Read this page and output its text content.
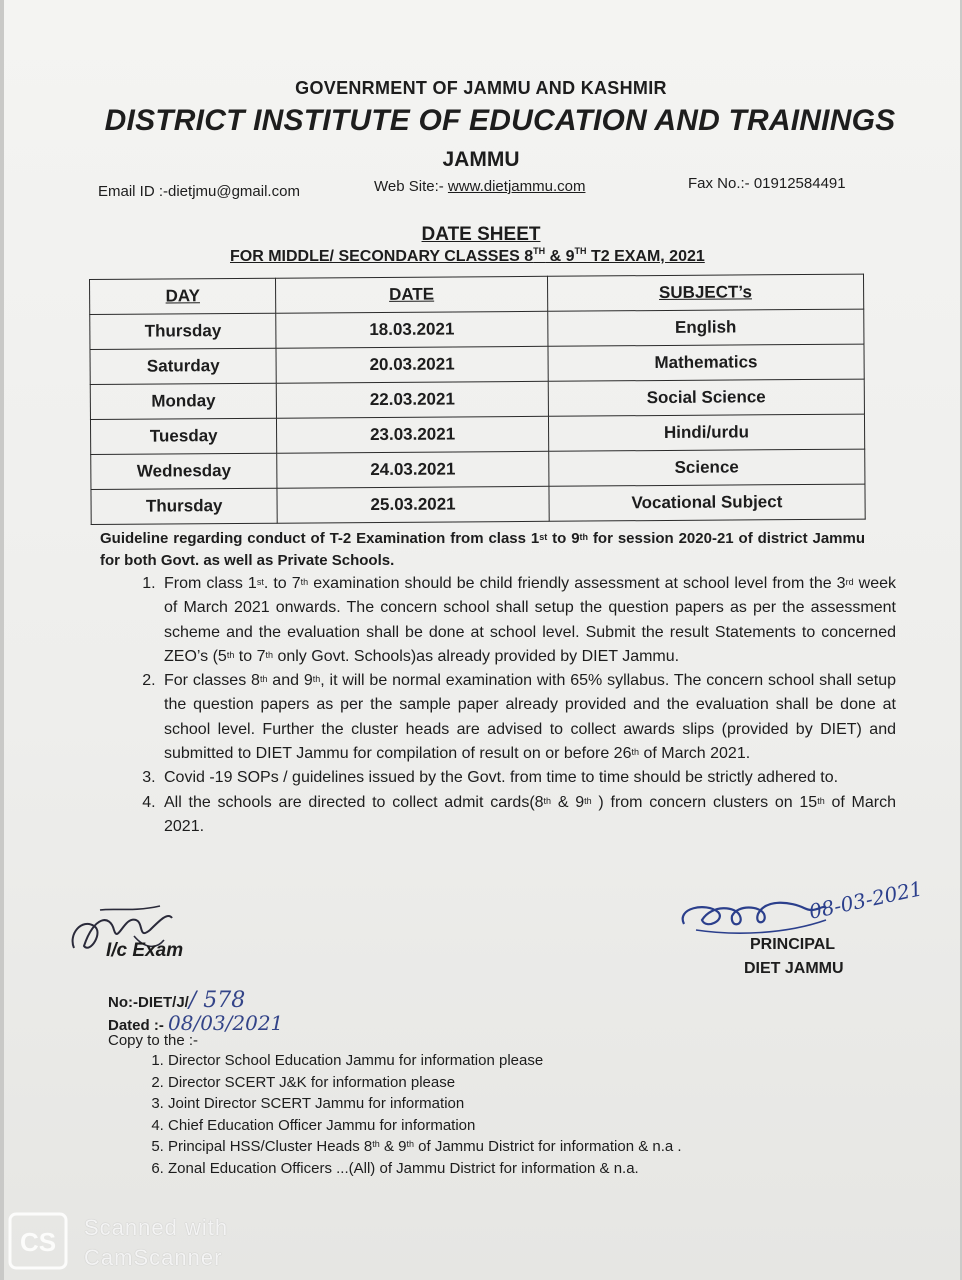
GOVENRMENT OF JAMMU AND KASHMIR
DISTRICT INSTITUTE OF EDUCATION AND TRAININGS
JAMMU
Email ID :-dietjmu@gmail.com	Web Site:- www.dietjammu.com	Fax No.:- 01912584491
DATE SHEET
FOR MIDDLE/ SECONDARY CLASSES 8TH & 9TH T2 EXAM, 2021
DAY	DATE	SUBJECT’s
Thursday	18.03.2021	English
Saturday	20.03.2021	Mathematics
Monday	22.03.2021	Social Science
Tuesday	23.03.2021	Hindi/urdu
Wednesday	24.03.2021	Science
Thursday	25.03.2021	Vocational Subject
Guideline regarding conduct of T-2 Examination from class 1st to 9th for session 2020-21 of district Jammu for both Govt. as well as Private Schools.
1. From class 1st. to 7th examination should be child friendly assessment at school level from the 3rd week of March 2021 onwards. The concern school shall setup the question papers as per the assessment scheme and the evaluation shall be done at school level. Submit the result Statements to concerned ZEO’s (5th to 7th only Govt. Schools)as already provided by DIET Jammu.
2. For classes 8th and 9th, it will be normal examination with 65% syllabus. The concern school shall setup the question papers as per the sample paper already provided and the evaluation shall be done at school level. Further the cluster heads are advised to collect awards slips (provided by DIET) and submitted to DIET Jammu for compilation of result on or before 26th of March 2021.
3. Covid -19 SOPs / guidelines issued by the Govt. from time to time should be strictly adhered to.
4. All the schools are directed to collect admit cards(8th & 9th ) from concern clusters on 15th of March 2021.
I/c Exam
08-03-2021
PRINCIPAL
DIET JAMMU
No:-DIET/J// 578
Dated :- 08/03/2021
Copy to the :-
1. Director School Education Jammu for information please
2. Director SCERT J&K for information please
3. Joint Director SCERT Jammu for information
4. Chief Education Officer Jammu for information
5. Principal HSS/Cluster Heads 8th & 9th of Jammu District for information & n.a .
6. Zonal Education Officers ...(All) of Jammu District for information & n.a.
CS Scanned with
CamScanner
